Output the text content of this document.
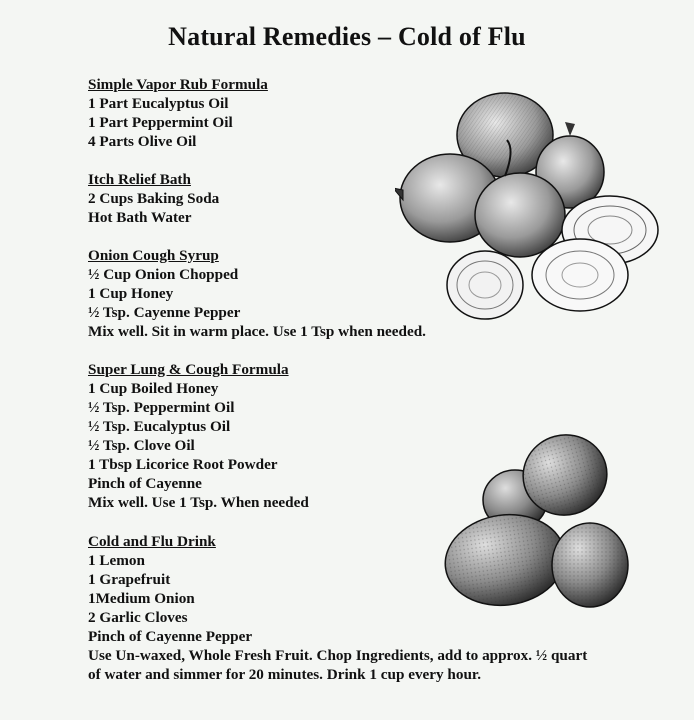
Natural Remedies – Cold of Flu
Simple Vapor Rub Formula
1 Part Eucalyptus Oil
1 Part Peppermint Oil
4 Parts Olive Oil
Itch Relief Bath
2 Cups Baking Soda
Hot Bath Water
Onion Cough Syrup
½ Cup Onion Chopped
1 Cup Honey
½ Tsp. Cayenne Pepper
Mix well. Sit in warm place. Use 1 Tsp when needed.
Super Lung & Cough Formula
1 Cup Boiled Honey
½ Tsp. Peppermint Oil
½ Tsp. Eucalyptus Oil
½ Tsp. Clove Oil
1 Tbsp Licorice Root Powder
Pinch of Cayenne
Mix well. Use 1 Tsp. When needed
Cold and Flu Drink
1 Lemon
1 Grapefruit
1Medium Onion
2 Garlic Cloves
Pinch of Cayenne Pepper
Use Un-waxed, Whole Fresh Fruit. Chop Ingredients, add to approx. ½ quart of water and simmer for 20 minutes. Drink 1 cup every hour.
